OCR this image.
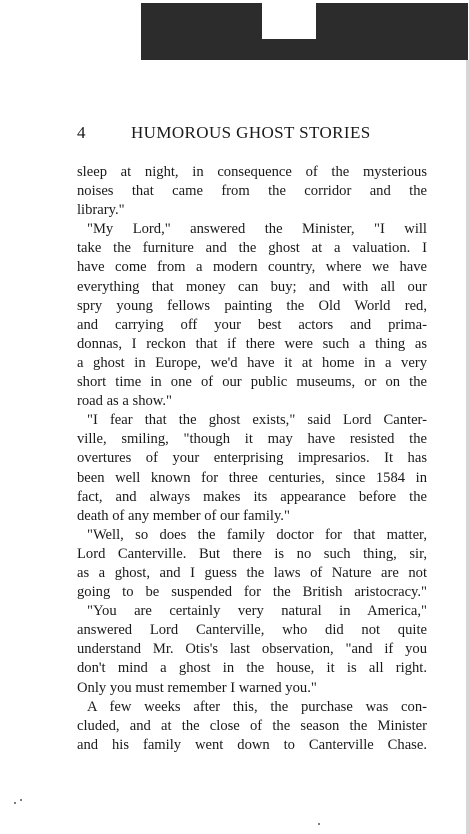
4	HUMOROUS GHOST STORIES
sleep at night, in consequence of the mysterious
noises that came from the corridor and the
library."
"My Lord," answered the Minister, "I will
take the furniture and the ghost at a valuation. I
have come from a modern country, where we have
everything that money can buy; and with all our
spry young fellows painting the Old World red,
and carrying off your best actors and prima-
donnas, I reckon that if there were such a thing as
a ghost in Europe, we'd have it at home in a very
short time in one of our public museums, or on the
road as a show."
"I fear that the ghost exists," said Lord Canter-
ville, smiling, "though it may have resisted the
overtures of your enterprising impresarios. It has
been well known for three centuries, since 1584 in
fact, and always makes its appearance before the
death of any member of our family."
"Well, so does the family doctor for that matter,
Lord Canterville. But there is no such thing, sir,
as a ghost, and I guess the laws of Nature are not
going to be suspended for the British aristocracy."
"You are certainly very natural in America,"
answered Lord Canterville, who did not quite
understand Mr. Otis's last observation, "and if you
don't mind a ghost in the house, it is all right.
Only you must remember I warned you."
A few weeks after this, the purchase was con-
cluded, and at the close of the season the Minister
and his family went down to Canterville Chase.
